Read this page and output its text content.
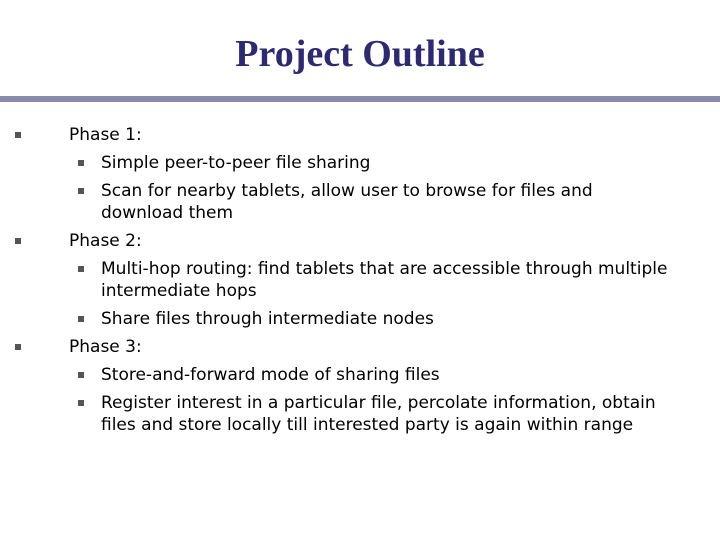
Project Outline
Phase 1:
Simple peer-to-peer file sharing
Scan for nearby tablets, allow user to browse for files and download them
Phase 2:
Multi-hop routing: find tablets that are accessible through multiple intermediate hops
Share files through intermediate nodes
Phase 3:
Store-and-forward mode of sharing files
Register interest in a particular file, percolate information, obtain files and store locally till interested party is again within range
